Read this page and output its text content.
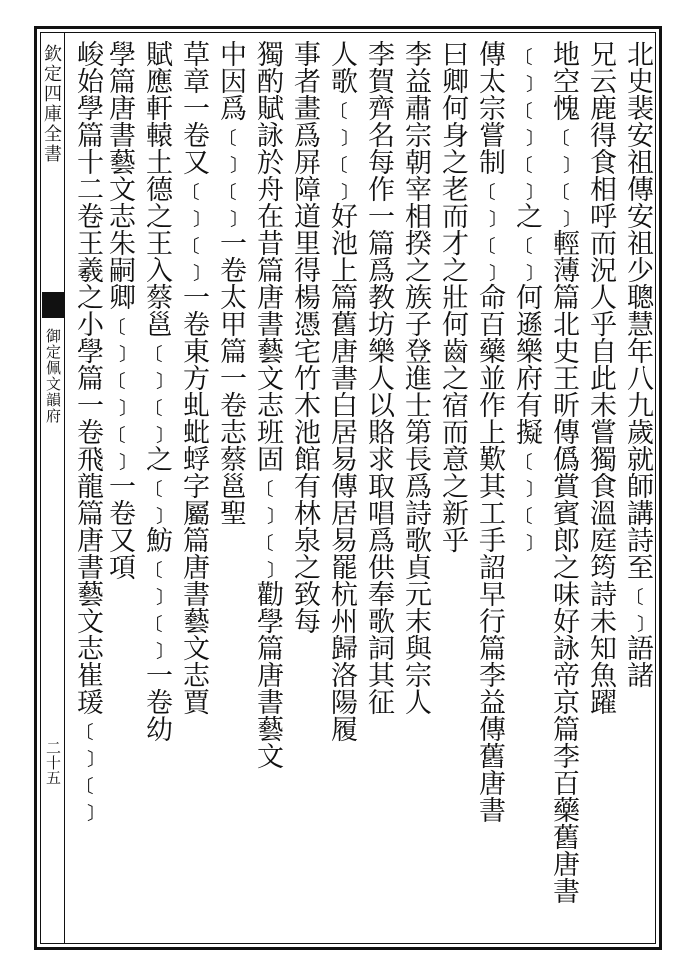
欽定四庫全書
御定佩文韻府
二十五
北史裴安祖傳安祖少聰慧年八九歲就師講詩至﹝﹞語諸
兄云鹿得食相呼而況人乎自此未嘗獨食溫庭筠詩未知魚躍
地空愧﹝﹞﹝﹞輕薄篇北史王昕傳僞賞賓郎之味好詠帝京篇李百藥舊唐書
﹝﹞﹝﹞﹝﹞之﹝﹞何遜樂府有擬﹝﹞﹝﹞
傳太宗嘗制﹝﹞﹝﹞命百藥並作上歎其工手詔早行篇李益傳舊唐書
曰卿何身之老而才之壯何齒之宿而意之新乎
李益肅宗朝宰相揆之族子登進士第長爲詩歌貞元末與宗人
李賀齊名每作一篇爲教坊樂人以賂求取唱爲供奉歌詞其征
人歌﹝﹞﹝﹞好池上篇舊唐書白居易傳居易罷杭州歸洛陽履
事者畫爲屏障道里得楊憑宅竹木池館有林泉之致每
獨酌賦詠於舟在昔篇唐書藝文志班固﹝﹞﹝﹞勸學篇唐書藝文
中因爲﹝﹞﹝﹞一卷太甲篇一卷志蔡邕聖
草章一卷又﹝﹞﹝﹞一卷東方虬蚍蜉字屬篇唐書藝文志賈
賦應軒轅土德之王入蔡邕﹝﹞﹝﹞之﹝﹞魴﹝﹞﹝﹞一卷幼
學篇唐書藝文志朱嗣卿﹝﹞﹝﹞﹝﹞一卷又項
峻始學篇十二卷王羲之小學篇一卷飛龍篇唐書藝文志崔瑗﹝﹞﹝﹞
